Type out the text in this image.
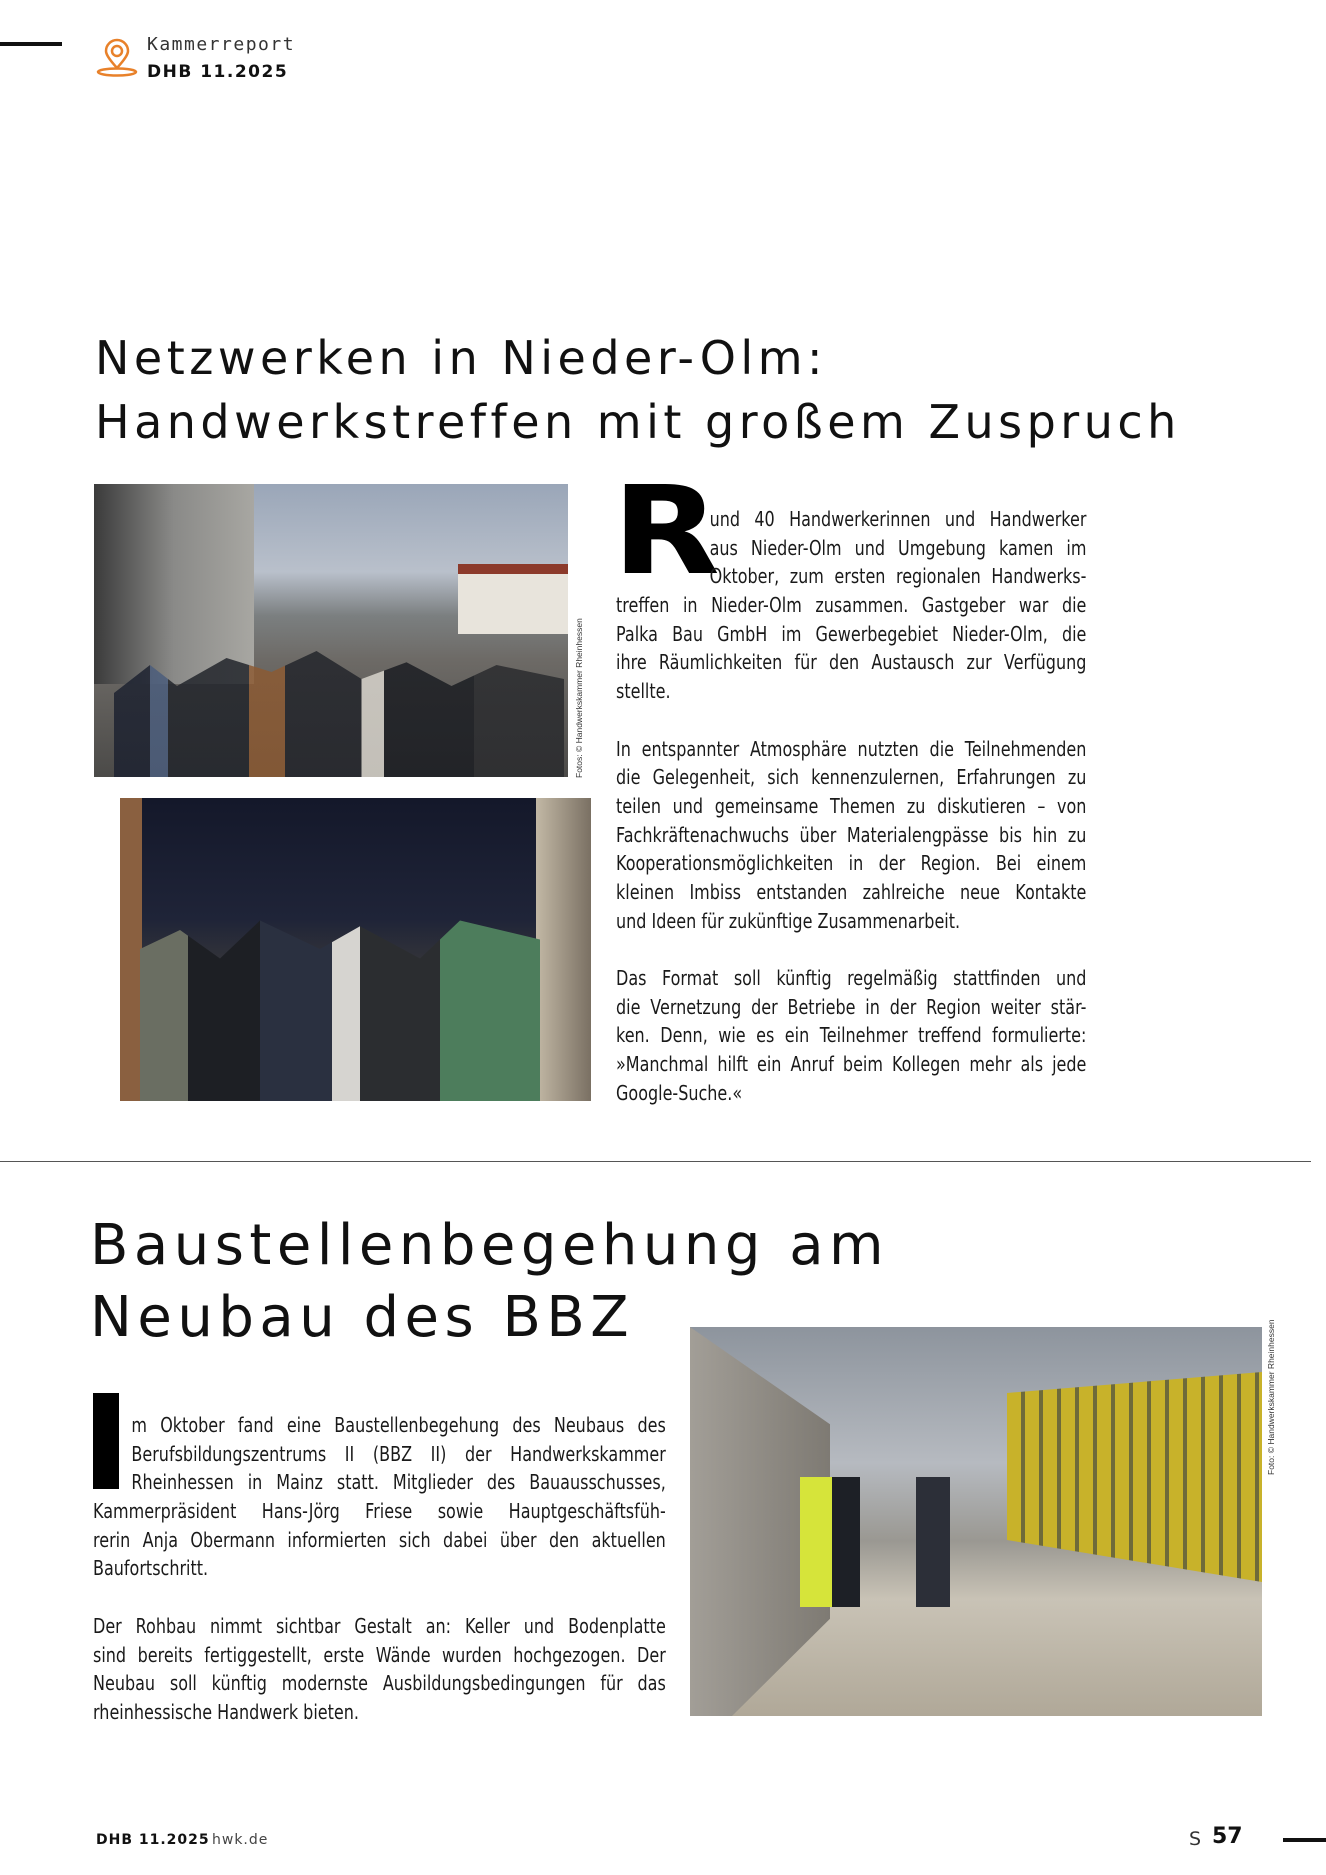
Kammerreport
DHB 11.2025
Netzwerken in Nieder-Olm:
Handwerkstreffen mit großem Zuspruch
Fotos: © Handwerkskammer Rheinhessen
R
und 40 Handwerkerinnen und Handwerker
aus Nieder-Olm und Umgebung kamen im
Oktober, zum ersten regionalen Handwerks-
treffen in Nieder-Olm zusammen. Gastgeber war die
Palka Bau GmbH im Gewerbegebiet Nieder-Olm, die
ihre Räumlichkeiten für den Austausch zur Verfügung
stellte.
In entspannter Atmosphäre nutzten die Teilnehmenden
die Gelegenheit, sich kennenzulernen, Erfahrungen zu
teilen und gemeinsame Themen zu diskutieren – von
Fachkräftenachwuchs über Materialengpässe bis hin zu
Kooperationsmöglichkeiten in der Region. Bei einem
kleinen Imbiss entstanden zahlreiche neue Kontakte
und Ideen für zukünftige Zusammenarbeit.
Das Format soll künftig regelmäßig stattfinden und
die Vernetzung der Betriebe in der Region weiter stär-
ken. Denn, wie es ein Teilnehmer treffend formulierte:
»Manchmal hilft ein Anruf beim Kollegen mehr als jede
Google-Suche.«
Baustellenbegehung am
Neubau des BBZ
Foto: © Handwerkskammer Rheinhessen
m Oktober fand eine Baustellenbegehung des Neubaus des
Berufsbildungszentrums II (BBZ II) der Handwerkskammer
Rheinhessen in Mainz statt. Mitglieder des Bauausschusses,
Kammerpräsident Hans-Jörg Friese sowie Hauptgeschäftsfüh-
rerin Anja Obermann informierten sich dabei über den aktuellen
Baufortschritt.
Der Rohbau nimmt sichtbar Gestalt an: Keller und Bodenplatte
sind bereits fertiggestellt, erste Wände wurden hochgezogen. Der
Neubau soll künftig modernste Ausbildungsbedingungen für das
rheinhessische Handwerk bieten.
DHB 11.2025 hwk.de	S 57
